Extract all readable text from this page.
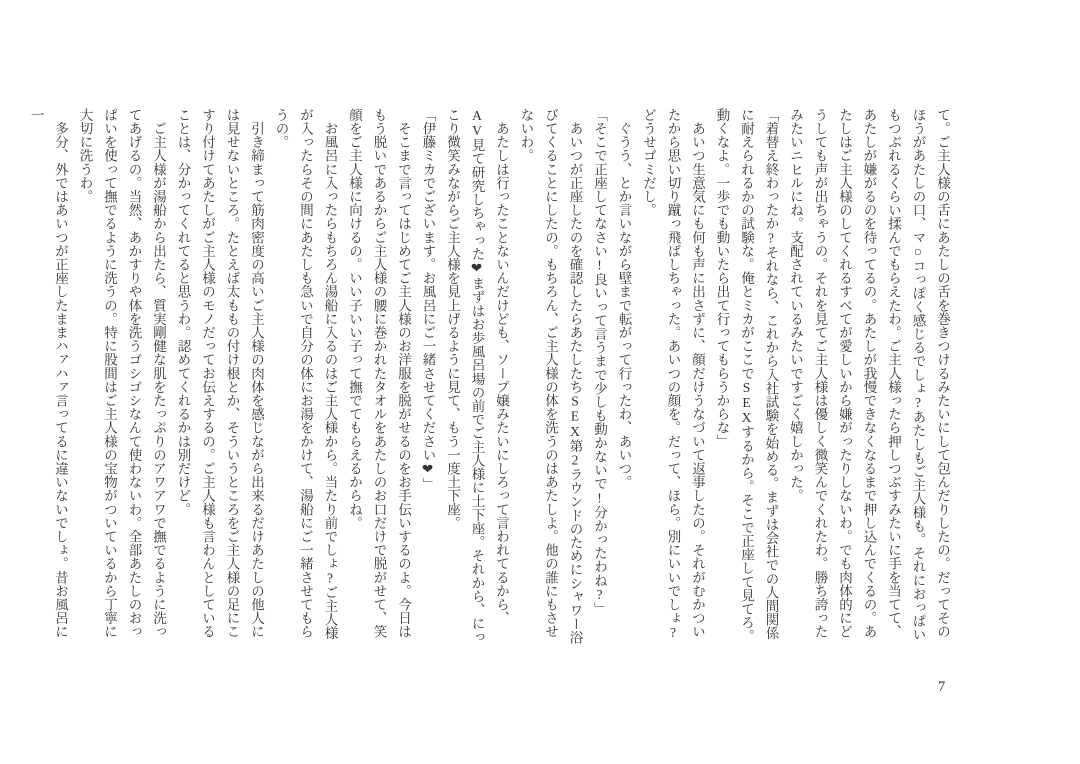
て。ご主人様の舌にあたしの舌を巻きつけるみたいにして包んだりしたの。だってそのほうがあたしの口、マ○コっぽく感じるでしょ?あたしもご主人様も。それにおっぱいもつぶれるくらい揉んでもらえたわ。ご主人様ったら押しつぶすみたいに手を当てて、あたしが嫌がるのを待ってるの。あたしが我慢できなくなるまで押し込んでくるの。あたしはご主人様のしてくれるすべてが愛しいから嫌がったりしないわ。でも肉体的にどうしても声が出ちゃうの。それを見てご主人様は優しく微笑んでくれたわ。勝ち誇ったみたいニヒルにね。支配されているみたいですごく嬉しかった。

「着替え終わったか?それなら、これから入社試験を始める。まずは会社での人間関係に耐えられるかの試験な。俺とミカがここでSEXするから。そこで正座して見てろ。動くなよ。一歩でも動いたら出て行ってもらうからな」

　あいつ生意気にも何も声に出さずに、顔だけうなづいて返事したの。それがむかついたから思い切り蹴っ飛ばしちゃった。あいつの顔を。だって、ほら。別にいいでしょ?どうせゴミだし。

　ぐうう、とか言いながら壁まで転がって行ったわ、あいつ。

「そこで正座してなさい!良いって言うまで少しも動かないで!分かったわね?」

　あいつが正座したのを確認したらあたしたちSEX第2ラウンドのためにシャワー浴びてくることにしたの。もちろん、ご主人様の体を洗うのはあたしよ。他の誰にもさせないわ。

　あたしは行ったことないんだけども、ソープ嬢みたいにしろって言われてるから、AV見て研究しちゃった❤まずはお歩風呂場の前でご主人様に土下座。それから、にっこり微笑みながらご主人様を見上げるように見て、もう一度土下座。

「伊藤ミカでございます。お風呂にご一緒させてください❤」

　そこまで言ってはじめてご主人様のお洋服を脱がせるのをお手伝いするのよ。今日はもう脱いであるからご主人様の腰に巻かれたタオルをあたしのお口だけで脱がせて、笑顔をご主人様に向けるの。いい子いい子って撫でてもらえるからね。

　お風呂に入ったらもちろん湯船に入るのはご主人様から。当たり前でしょ?ご主人様が入ったらその間にあたしも急いで自分の体にお湯をかけて、湯船にご一緒させてもらうの。

　引き締まって筋肉密度の高いご主人様の肉体を感じながら出来るだけあたしの他人には見せないところ。たとえば太ももの付け根とか、そういうところをご主人様の足にこすり付けてあたしがご主人様のモノだってお伝えするの。ご主人様も言わんとしていることは、分かってくれてると思うわ。認めてくれるかは別だけど。

　ご主人様が湯船から出たら、質実剛健な肌をたっぷりのアワアワで撫でるように洗ってあげるの。当然、あかすりや体を洗うゴシゴシなんて使わないわ。全部あたしのおっぱいを使って撫でるように洗うの。特に股間はご主人様の宝物がついているから丁寧に大切に洗うわ。

　多分、外ではあいつが正座したままハァハァ言ってるに違いないでしょ。昔お風呂に一

7
